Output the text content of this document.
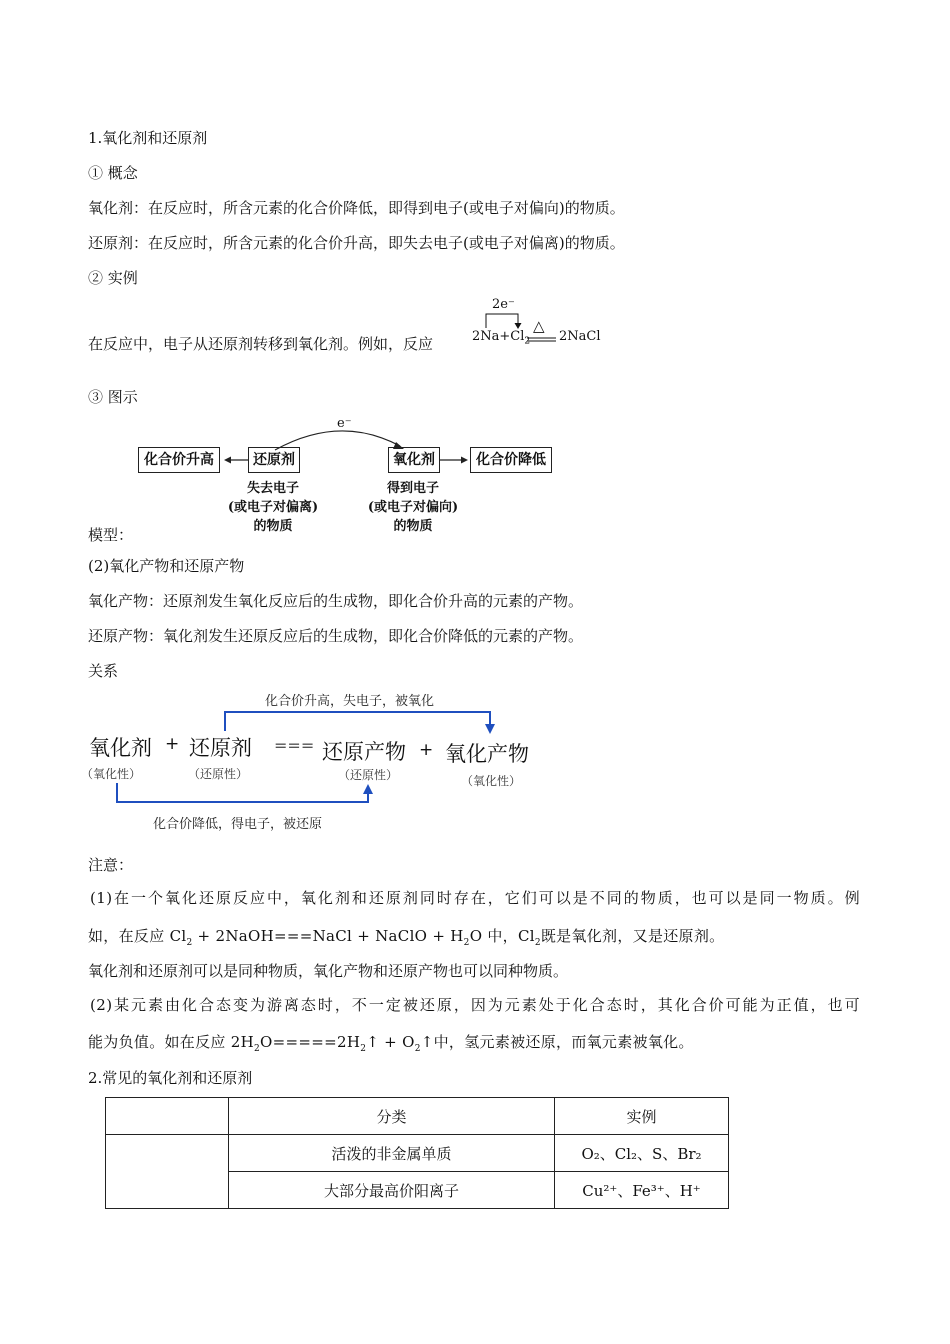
1.氧化剂和还原剂
① 概念
氧化剂：在反应时，所含元素的化合价降低，即得到电子(或电子对偏向)的物质。
还原剂：在反应时，所含元素的化合价升高，即失去电子(或电子对偏离)的物质。
② 实例
在反应中，电子从还原剂转移到氧化剂。例如，反应
2e⁻
△
$2Na+Cl_2$ 2NaCl
③ 图示
e⁻
化合价升高	还原剂	氧化剂	化合价降低
失去电子
(或电子对偏离)
的物质
得到电子
(或电子对偏向)
的物质
模型：
(2)氧化产物和还原产物
氧化产物：还原剂发生氧化反应后的生成物，即化合价升高的元素的产物。
还原产物：氧化剂发生还原反应后的生成物，即化合价降低的元素的产物。
关系
化合价升高，失电子，被氧化
氧化剂 + 还原剂 === 还原产物 + 氧化产物
（氧化性）	（还原性）	（还原性）	（氧化性）
化合价降低，得电子，被还原
注意：
(1)在一个氧化还原反应中，氧化剂和还原剂同时存在，它们可以是不同的物质，也可以是同一物质。例
如，在反应 $Cl_2$ + 2NaOH===NaCl + NaClO + $H_2O$ 中，$Cl_2$既是氧化剂，又是还原剂。
氧化剂和还原剂可以是同种物质，氧化产物和还原产物也可以同种物质。
(2)某元素由化合态变为游离态时，不一定被还原，因为元素处于化合态时，其化合价可能为正值，也可
能为负值。如在反应 $2H_2O=====2H_2↑$ + $O_2↑$中，氢元素被还原，而氧元素被氧化。
2.常见的氧化剂和还原剂
	分类	实例
	活泼的非金属单质	O₂、Cl₂、S、Br₂
	大部分最高价阳离子	Cu²⁺、Fe³⁺、H⁺
